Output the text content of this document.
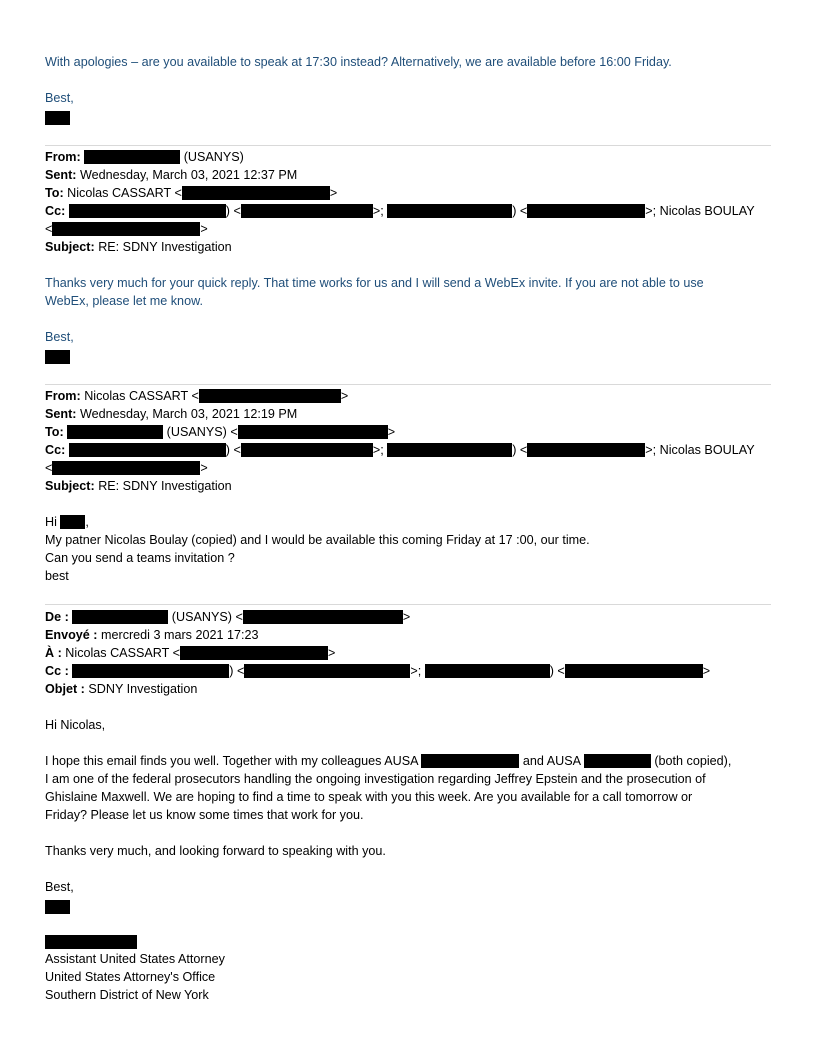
With apologies – are you available to speak at 17:30 instead? Alternatively, we are available before 16:00 Friday.
Best,
From:	(USANYS)
Sent: Wednesday, March 03, 2021 12:37 PM
To: Nicolas CASSART <	>
Cc:	) <	>;	) <	>; Nicolas BOULAY
<	>
Subject: RE: SDNY Investigation
Thanks very much for your quick reply. That time works for us and I will send a WebEx invite. If you are not able to use
WebEx, please let me know.
Best,
From: Nicolas CASSART <	>
Sent: Wednesday, March 03, 2021 12:19 PM
To:	(USANYS) <	>
Cc:	) <	>;	) <	>; Nicolas BOULAY
<	>
Subject: RE: SDNY Investigation
Hi ,
My patner Nicolas Boulay (copied) and I would be available this coming Friday at 17 :00, our time.
Can you send a teams invitation ?
best
De :	(USANYS) <	>
Envoyé : mercredi 3 mars 2021 17:23
À : Nicolas CASSART <	>
Cc :	) <	>;	) <	>
Objet : SDNY Investigation
Hi Nicolas,
I hope this email finds you well. Together with my colleagues AUSA	and AUSA	(both copied),
I am one of the federal prosecutors handling the ongoing investigation regarding Jeffrey Epstein and the prosecution of
Ghislaine Maxwell. We are hoping to find a time to speak with you this week. Are you available for a call tomorrow or
Friday? Please let us know some times that work for you.
Thanks very much, and looking forward to speaking with you.
Best,
Assistant United States Attorney
United States Attorney's Office
Southern District of New York
